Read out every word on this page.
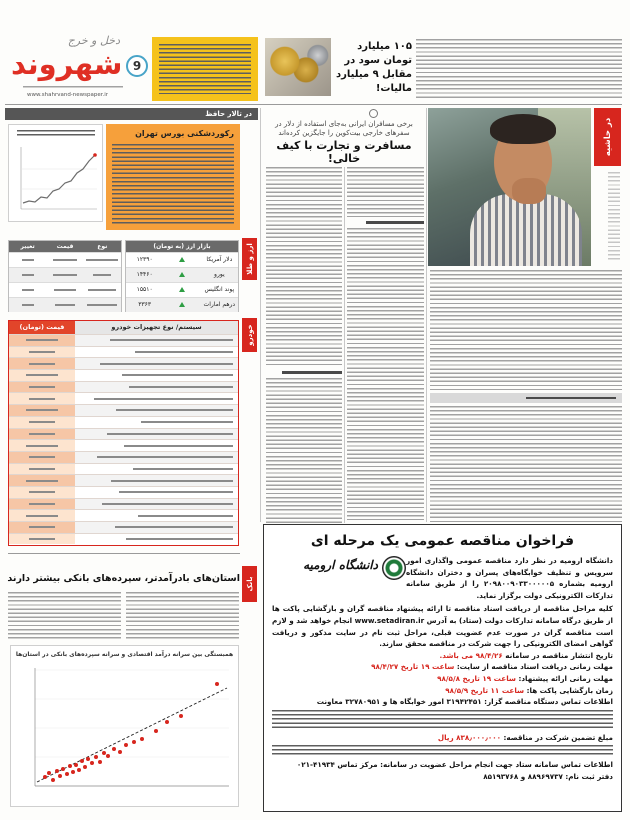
دخل و خرج
شهروند 9
www.shahrvand-newspaper.ir
۱۰۵ میلیارد تومان سود در مقابل ۹ میلیارد مالیات!
در تالار حافظ
رکوردشکنی بورس تهران
ارز و طلا
نوع
قیمت
تغییر	بازار ارز (به تومان)
دلار آمریکا
۱۲۳۹۰
یورو
۱۴۴۶۰
پوند انگلیس
۱۵۵۱۰
درهم امارات
۳۳۶۳
خودرو
سیستم/ نوع تجهیزات خودرو
قیمت (تومان)
بانک
استان‌های بادرآمدتر، سپرده‌های بانکی بیشتر دارند
همبستگی بین سرانه درآمد اقتصادی و سرانه سپرده‌های بانکی در استان‌ها
برخی مسافران ایرانی به‌جای استفاده از دلار در سفرهای خارجی بیت‌کوین را جایگزین کرده‌اند
مسافرت و تجارت با کیف خالی!
در حاشیه
فراخوان مناقصه عمومی یک مرحله ای
دانشگاه ارومیه	دانشگاه ارومیه در نظر دارد مناقصه عمومی واگذاری امور سرویس و تنظیف خوابگاه‌های پسران و دختران دانشگاه ارومیه بشماره ۲۰۹۸۰۰۹۰۳۳۰۰۰۰۰۵ را از طریق سامانه تدارکات الکترونیکی دولت برگزار نماید.
کلیه مراحل مناقصه از دریافت اسناد مناقصه تا ارائه پیشنهاد مناقصه گران و بازگشایی پاکت ها از طریق درگاه سامانه تدارکات دولت (ستاد) به آدرس www.setadiran.ir انجام خواهد شد و لازم است مناقصه گران در صورت عدم عضویت قبلی، مراحل ثبت نام در سایت مذکور و دریافت گواهی امضای الکترونیکی را جهت شرکت در مناقصه محقق سازند.
تاریخ انتشار مناقصه در سامانه ۹۸/۴/۲۶ می باشد.
مهلت زمانی دریافت اسناد مناقصه از سایت: ساعت ۱۹ تاریخ ۹۸/۴/۲۷
مهلت زمانی ارائه پیشنهاد: ساعت ۱۹ تاریخ ۹۸/۵/۸
زمان بازگشایی پاکت ها: ساعت ۱۱ تاریخ ۹۸/۵/۹
اطلاعات تماس دستگاه مناقصه گزار: ۳۱۹۴۲۴۵۱ امور خوابگاه ها و ۳۲۷۸۰۹۵۱ معاونت
مبلغ تضمین شرکت در مناقصه: ۸۳۸٫۰۰۰٫۰۰۰ ریال
اطلاعات تماس سامانه ستاد جهت انجام مراحل عضویت در سامانه: مرکز تماس ۴۱۹۳۴-۰۲۱
دفتر ثبت نام: ۸۸۹۶۹۷۳۷ و ۸۵۱۹۳۷۶۸
